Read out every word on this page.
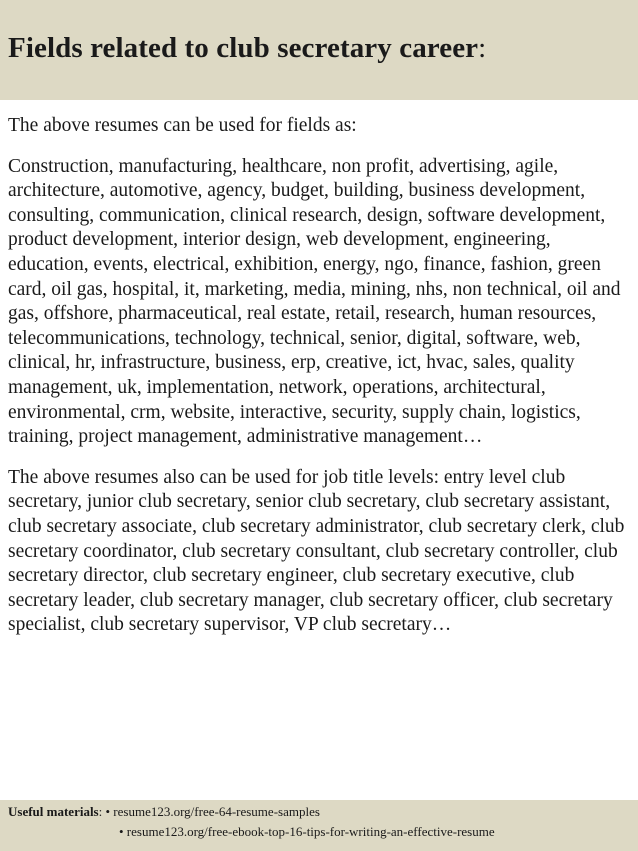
Fields related to club secretary career:

The above resumes can be used for fields as:

Construction, manufacturing, healthcare, non profit, advertising, agile, architecture, automotive, agency, budget, building, business development, consulting, communication, clinical research, design, software development, product development, interior design, web development, engineering, education, events, electrical, exhibition, energy, ngo, finance, fashion, green card, oil gas, hospital, it, marketing, media, mining, nhs, non technical, oil and gas, offshore, pharmaceutical, real estate, retail, research, human resources, telecommunications, technology, technical, senior, digital, software, web, clinical, hr, infrastructure, business, erp, creative, ict, hvac, sales, quality management, uk, implementation, network, operations, architectural, environmental, crm, website, interactive, security, supply chain, logistics, training, project management, administrative management…

The above resumes also can be used for job title levels: entry level club secretary, junior club secretary, senior club secretary, club secretary assistant, club secretary associate, club secretary administrator, club secretary clerk, club secretary coordinator, club secretary consultant, club secretary controller, club secretary director, club secretary engineer, club secretary executive, club secretary leader, club secretary manager, club secretary officer, club secretary specialist, club secretary supervisor, VP club secretary…

Useful materials: • resume123.org/free-64-resume-samples
• resume123.org/free-ebook-top-16-tips-for-writing-an-effective-resume
